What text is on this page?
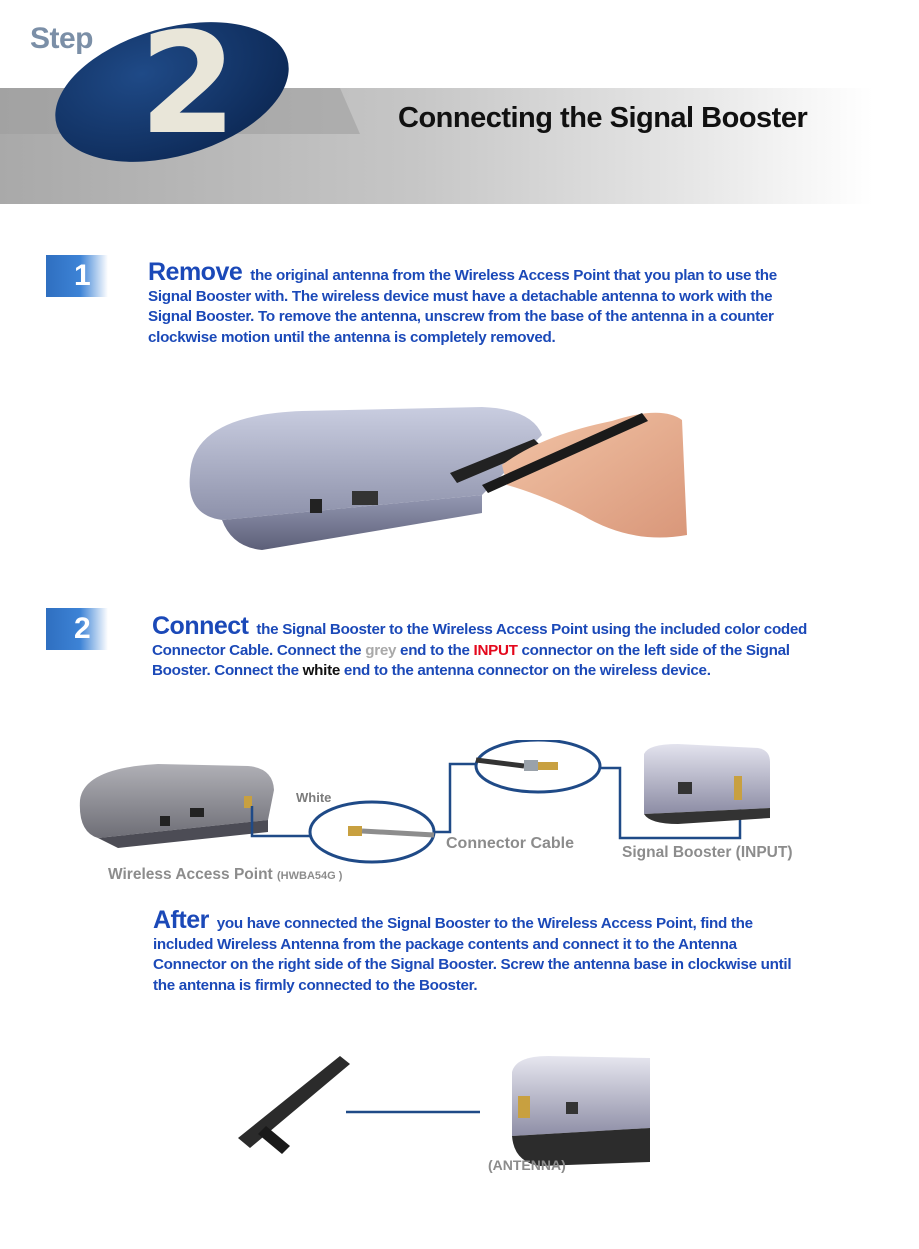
Step 2	Connecting the Signal Booster
1	Remove the original antenna from the Wireless Access Point that you plan to use the Signal Booster with. The wireless device must have a detachable antenna to work with the Signal Booster. To remove the antenna, unscrew from the base of the antenna in a counter clockwise motion until the antenna is completely removed.
2	Connect the Signal Booster to the Wireless Access Point using the included color coded Connector Cable. Connect the grey end to the INPUT connector on the left side of the Signal Booster. Connect the white end to the antenna connector on the wireless device.
White
Connector Cable
Signal Booster (INPUT)
Wireless Access Point (HWBA54G )
After you have connected the Signal Booster to the Wireless Access Point, find the included Wireless Antenna from the package contents and connect it to the Antenna Connector on the right side of the Signal Booster. Screw the antenna base in clockwise until the antenna is firmly connected to the Booster.
(ANTENNA)
